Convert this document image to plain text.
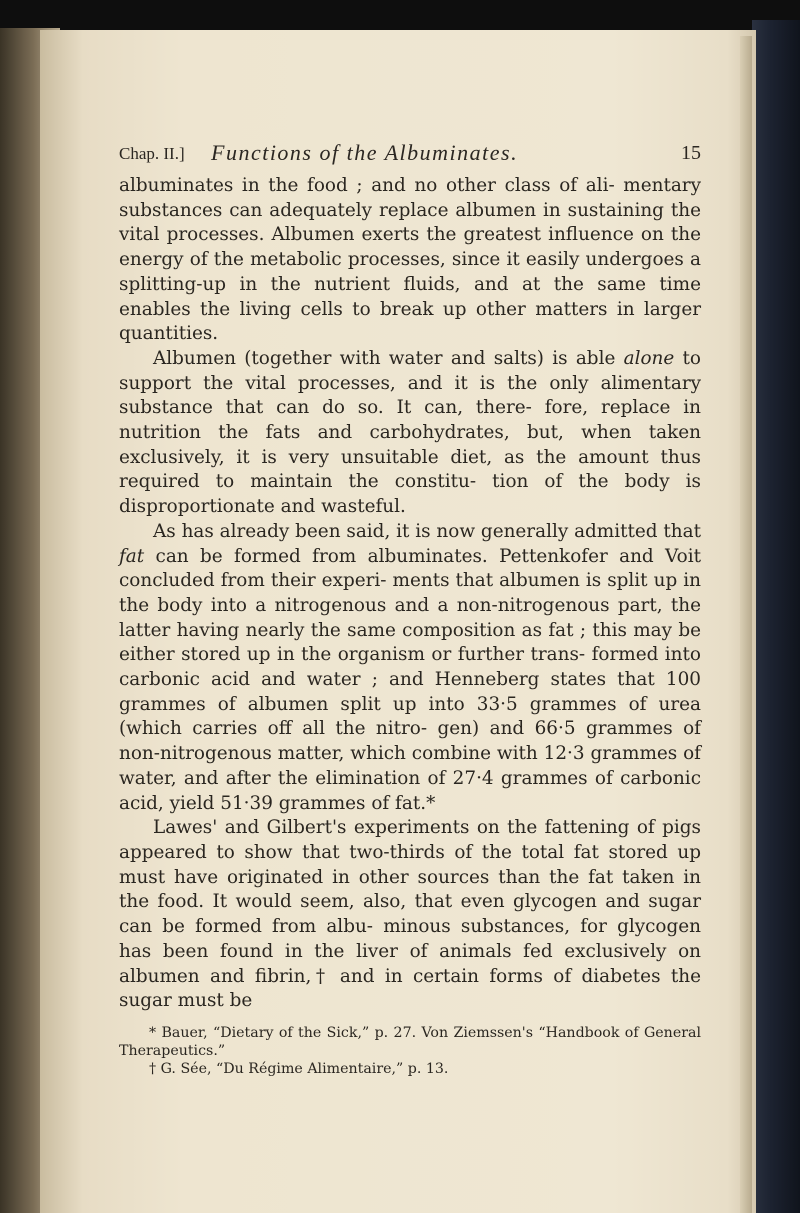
Chap. II.] Functions of the Albuminates.	15

albuminates in the food ; and no other class of ali- mentary substances can adequately replace albumen in sustaining the vital processes. Albumen exerts the greatest influence on the energy of the metabolic processes, since it easily undergoes a splitting-up in the nutrient fluids, and at the same time enables the living cells to break up other matters in larger quantities.

Albumen (together with water and salts) is able alone to support the vital processes, and it is the only alimentary substance that can do so. It can, there- fore, replace in nutrition the fats and carbohydrates, but, when taken exclusively, it is very unsuitable diet, as the amount thus required to maintain the constitu- tion of the body is disproportionate and wasteful.

As has already been said, it is now generally admitted that fat can be formed from albuminates. Pettenkofer and Voit concluded from their experi- ments that albumen is split up in the body into a nitrogenous and a non-nitrogenous part, the latter having nearly the same composition as fat ; this may be either stored up in the organism or further trans- formed into carbonic acid and water ; and Henneberg states that 100 grammes of albumen split up into 33·5 grammes of urea (which carries off all the nitro- gen) and 66·5 grammes of non-nitrogenous matter, which combine with 12·3 grammes of water, and after the elimination of 27·4 grammes of carbonic acid, yield 51·39 grammes of fat.*

Lawes' and Gilbert's experiments on the fattening of pigs appeared to show that two-thirds of the total fat stored up must have originated in other sources than the fat taken in the food. It would seem, also, that even glycogen and sugar can be formed from albu- minous substances, for glycogen has been found in the liver of animals fed exclusively on albumen and fibrin,† and in certain forms of diabetes the sugar must be

* Bauer, “Dietary of the Sick,” p. 27. Von Ziemssen's “Handbook of General Therapeutics.”

† G. Sée, “Du Régime Alimentaire,” p. 13.
